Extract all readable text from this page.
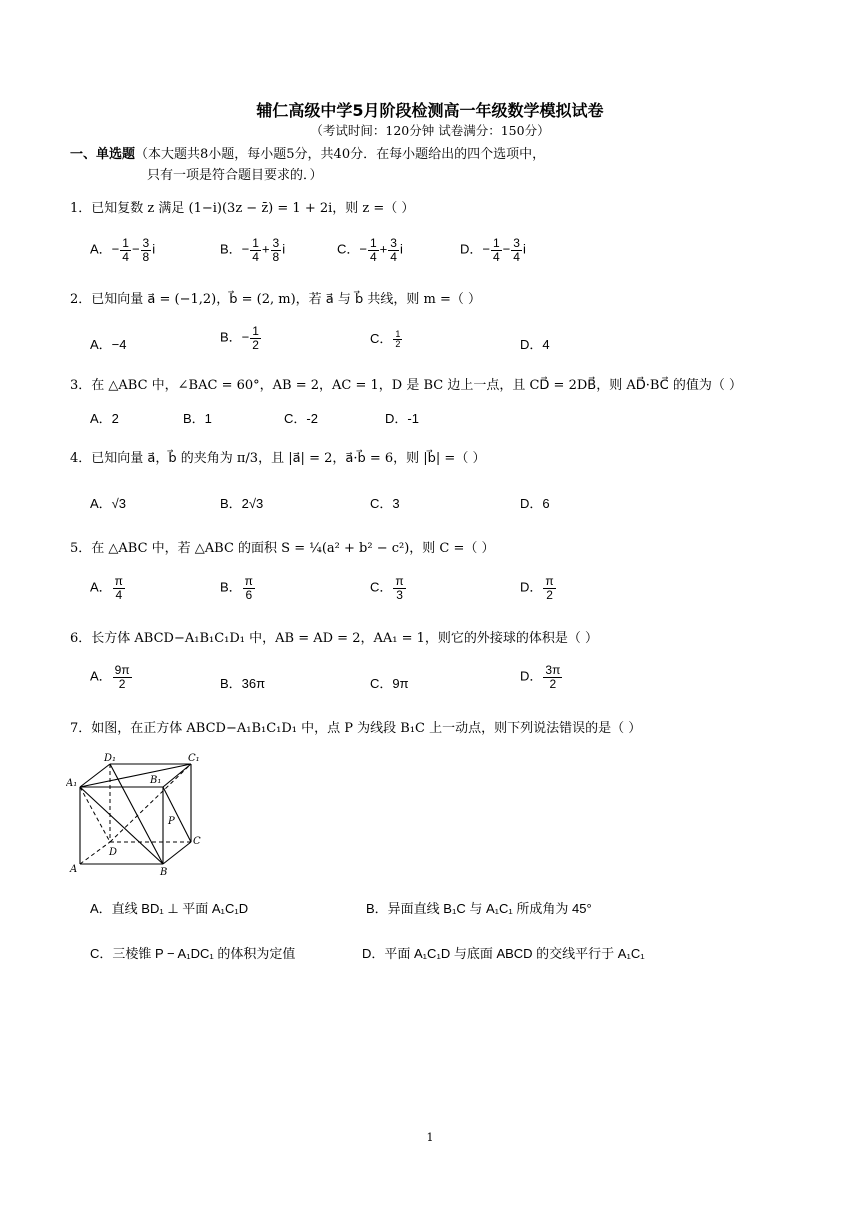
辅仁高级中学5月阶段检测高一年级数学模拟试卷
（考试时间：120分钟 试卷满分：150分）
一、单选题（本大题共8小题，每小题5分，共40分．在每小题给出的四个选项中，
只有一项是符合题目要求的．）
1．已知复数 z 满足 (1−i)(3z − z̄) = 1 + 2i，则 z =（ ）
A．− $\frac{1}{4} - \frac{3}{8}$ i	B．− $\frac{1}{4} + \frac{3}{8}$ i	C．− $\frac{1}{4} + \frac{3}{4}$ i	D．− $\frac{1}{4} - \frac{3}{4}$ i
2．已知向量 a⃗ = (−1,2)，b⃗ = (2, m)，若 a⃗ 与 b⃗ 共线，则 m =（ ）
A．−4	B．− $\frac{1}{2}$	C． $\frac{1}{2}$	D．4
3．在 △ABC 中，∠BAC = 60°，AB = 2，AC = 1，D 是 BC 边上一点，且 CD⃗ = 2DB⃗，则 AD⃗·BC⃗ 的值为（ ）
A．2	B．1	C．-2	D．-1
4．已知向量 a⃗，b⃗ 的夹角为 π/3，且 |a⃗| = 2，a⃗·b⃗ = 6，则 |b⃗| =（ ）
A．√3	B．2√3	C．3	D．6
5．在 △ABC 中，若 △ABC 的面积 S = ¼(a² + b² − c²)，则 C =（ ）
A． $\frac{\pi}{4}$	B． $\frac{\pi}{6}$	C． $\frac{\pi}{3}$	D． $\frac{\pi}{2}$
6．长方体 ABCD−A₁B₁C₁D₁ 中，AB = AD = 2，AA₁ = 1，则它的外接球的体积是（ ）
A． $\frac{9\pi}{2}$	B．36π	C．9π	D． $\frac{3\pi}{2}$
7．如图，在正方体 ABCD−A₁B₁C₁D₁ 中，点 P 为线段 B₁C 上一动点，则下列说法错误的是（ ）
A₁
D₁
B₁
C₁
A	B
C
D
P
A．直线 BD₁ ⊥ 平面 A₁C₁D	B．异面直线 B₁C 与 A₁C₁ 所成角为 45°
C．三棱锥 P − A₁DC₁ 的体积为定值	D．平面 A₁C₁D 与底面 ABCD 的交线平行于 A₁C₁
1
